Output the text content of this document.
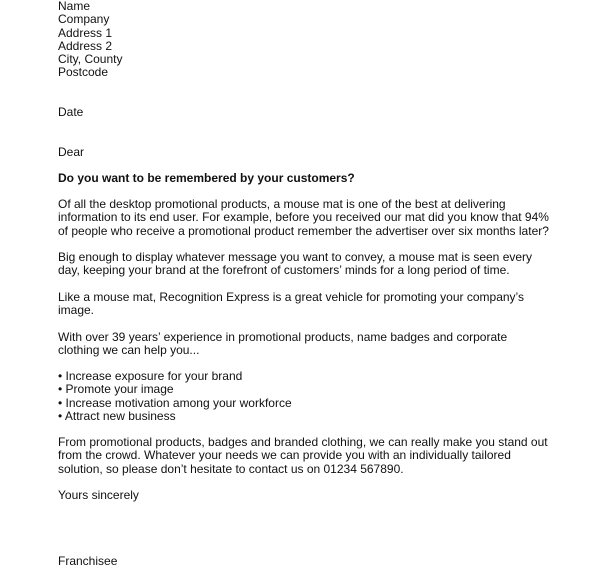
Name
Company
Address 1
Address 2
City, County
Postcode
Date
Dear
Do you want to be remembered by your customers?
Of all the desktop promotional products, a mouse mat is one of the best at delivering
information to its end user. For example, before you received our mat did you know that 94%
of people who receive a promotional product remember the advertiser over six months later?
Big enough to display whatever message you want to convey, a mouse mat is seen every
day, keeping your brand at the forefront of customers’ minds for a long period of time.
Like a mouse mat, Recognition Express is a great vehicle for promoting your company’s
image.
With over 39 years’ experience in promotional products, name badges and corporate
clothing we can help you...
• Increase exposure for your brand
• Promote your image
• Increase motivation among your workforce
• Attract new business
From promotional products, badges and branded clothing, we can really make you stand out
from the crowd. Whatever your needs we can provide you with an individually tailored
solution, so please don’t hesitate to contact us on 01234 567890.
Yours sincerely
Franchisee
